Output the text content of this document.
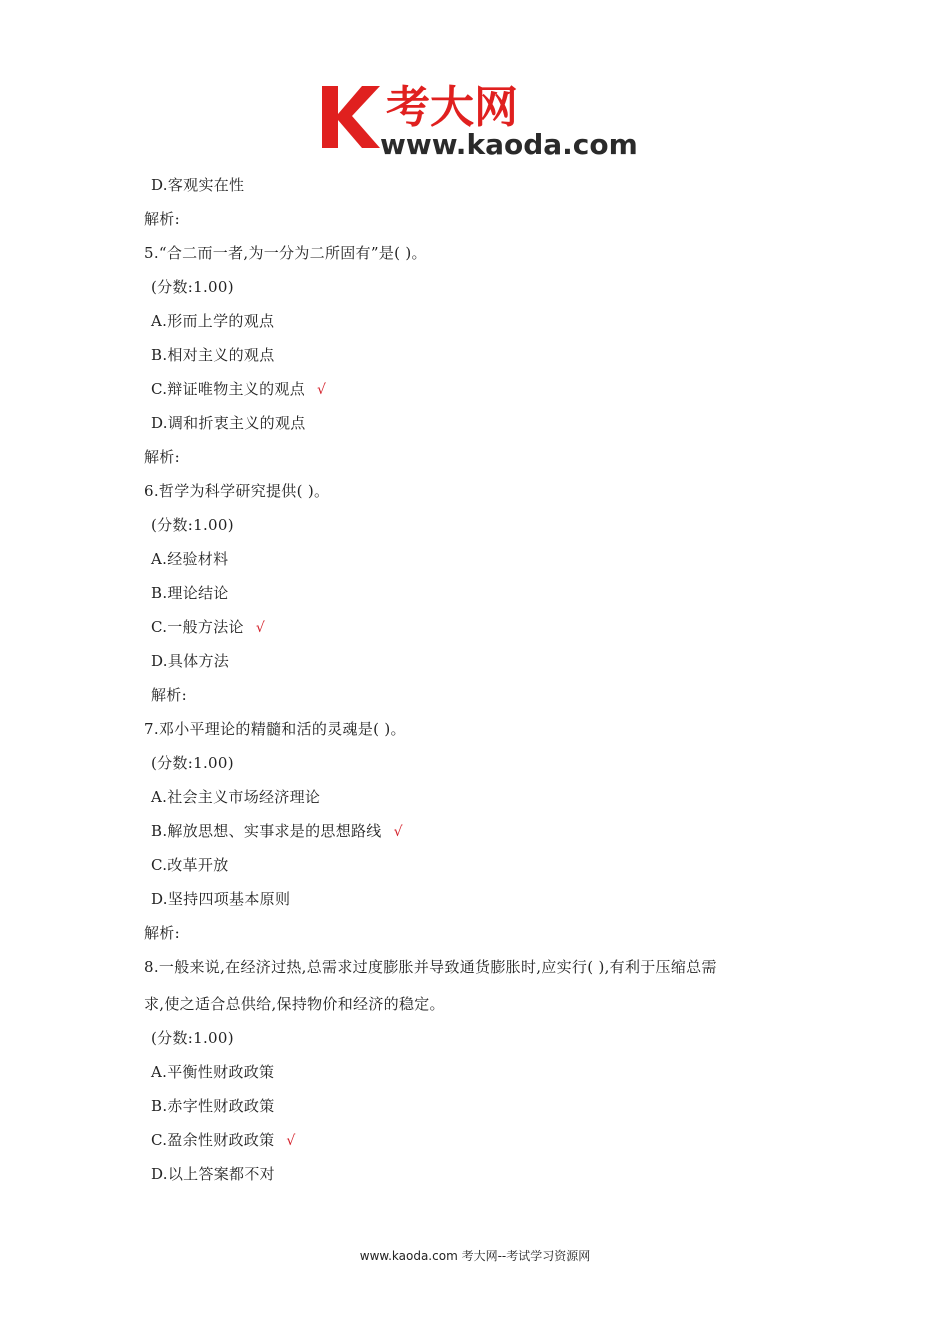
考大网
www.kaoda.com
D.客观实在性
解析:
5.“合二而一者,为一分为二所固有”是( )。
(分数:1.00)
A.形而上学的观点
B.相对主义的观点
C.辩证唯物主义的观点 √
D.调和折衷主义的观点
解析:
6.哲学为科学研究提供( )。
(分数:1.00)
A.经验材料
B.理论结论
C.一般方法论 √
D.具体方法
解析:
7.邓小平理论的精髓和活的灵魂是( )。
(分数:1.00)
A.社会主义市场经济理论
B.解放思想、实事求是的思想路线 √
C.改革开放
D.坚持四项基本原则
解析:
8.一般来说,在经济过热,总需求过度膨胀并导致通货膨胀时,应实行( ),有利于压缩总需
求,使之适合总供给,保持物价和经济的稳定。
(分数:1.00)
A.平衡性财政政策
B.赤字性财政政策
C.盈余性财政政策 √
D.以上答案都不对
www.kaoda.com 考大网--考试学习资源网
